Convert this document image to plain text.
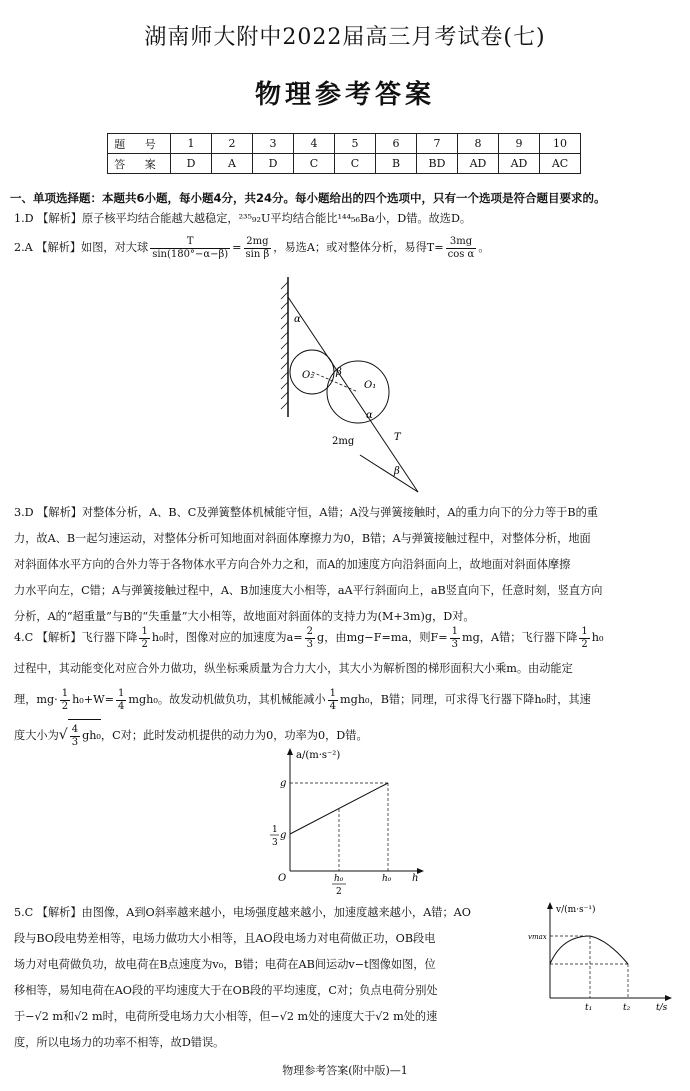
湖南师大附中2022届高三月考试卷(七)
物理参考答案
题 号	1	2	3	4	5	6	7	8	9	10
答 案	D	A	D	C	C	B	BD	AD	AD	AC
一、单项选择题：本题共6小题，每小题4分，共24分。每小题给出的四个选项中，只有一个选项是符合题目要求的。
1.D 【解析】原子核平均结合能越大越稳定，²³⁵₉₂U平均结合能比¹⁴⁴₅₆Ba小，D错。故选D。
2.A 【解析】如图，对大球 $\frac{T}{\sin(180^\circ-\alpha-\beta)} = \frac{2mg}{\text{sin β}}$ ，易选A；或对整体分析，易得$T= \frac{3mg}{\text{cos α}}$ 。
α
β
O₂
O₁
α
2mg	T
β
3.D 【解析】对整体分析，A、B、C及弹簧整体机械能守恒，A错；A没与弹簧接触时，A的重力向下的分力等于B的重
力，故A、B一起匀速运动，对整体分析可知地面对斜面体摩擦力为0，B错；A与弹簧接触过程中，对整体分析，地面
对斜面体水平方向的合外力等于各物体水平方向合外力之和，而A的加速度方向沿斜面向上，故地面对斜面体摩擦
力水平向左，C错；A与弹簧接触过程中，A、B加速度大小相等，aA平行斜面向上，aB竖直向下，任意时刻，竖直方向
分析，A的“超重量”与B的“失重量”大小相等，故地面对斜面体的支持力为(M+3m)g，D对。
4.C 【解析】飞行器下降 $\frac{1}{2} h_0$时，图像对应的加速度为$a= \frac{2}{3}$ g，由mg−F=ma，则$F= \frac{1}{3}$ mg，A错；飞行器下降 $\frac{1}{2} h_0$
过程中，其动能变化对应合外力做功，纵坐标乘质量为合力大小，其大小为解析图的梯形面积大小乘m。由动能定
理，$mg\cdot \frac{1}{2} h_0+W= \frac{1}{4} mgh_0$。故发动机做负功，其机械能减小 $\frac{1}{4} mgh_0$，B错；同理，可求得飞行器下降h₀时，其速
度大小为√ $\frac{4}{3} gh_0$，C对；此时发动机提供的动力为0，功率为0，D错。
a/(m·s⁻²)
g
1
3
g
O	h₀
2
h₀ h
5.C 【解析】由图像，A到O斜率越来越小，电场强度越来越小，加速度越来越小，A错；AO
段与BO段电势差相等，电场力做功大小相等，且AO段电场力对电荷做正功，OB段电
场力对电荷做负功，故电荷在B点速度为v₀，B错；电荷在AB间运动v−t图像如图，位
移相等，易知电荷在AO段的平均速度大于在OB段的平均速度，C对；负点电荷分别处
于−√2 m和√2 m时，电荷所受电场力大小相等，但−√2 m处的速度大于√2 m处的速
度，所以电场力的功率不相等，故D错误。
v/(m·s⁻¹)
vmax
t₁	t₂	t/s
物理参考答案(附中版)—1
